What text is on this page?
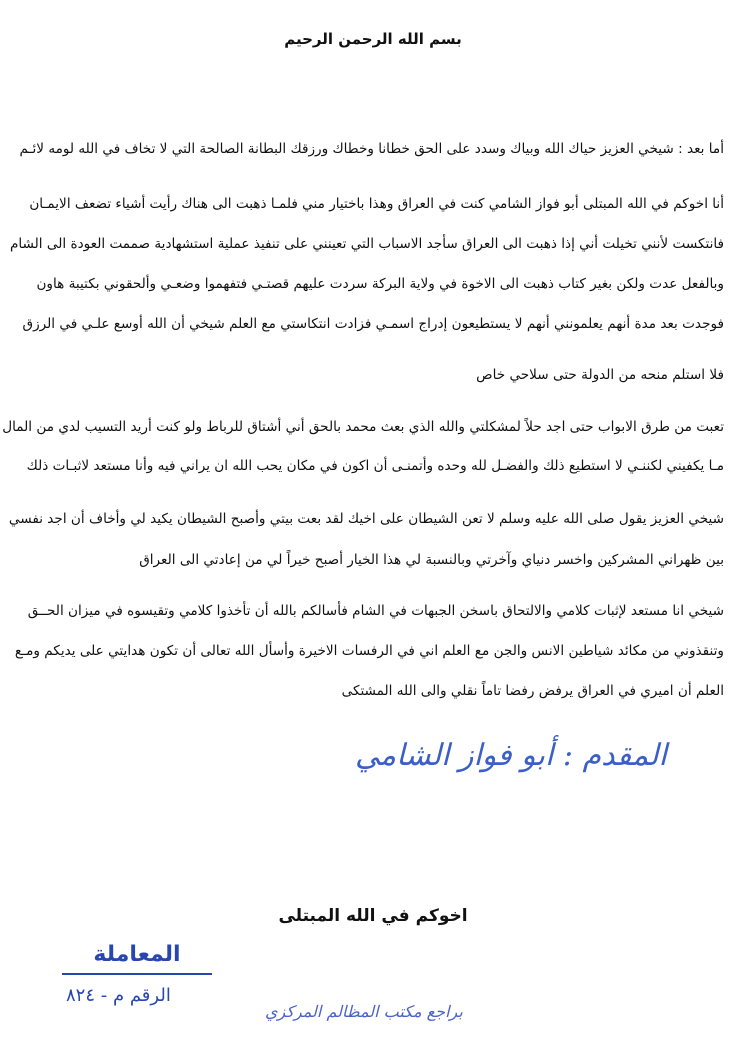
بسم الله الرحمن الرحيم
أما بعد : شيخي العزيز حياك الله وبياك وسدد على الحق خطانا وخطاك ورزقك البطانة الصالحة التي لا تخاف في الله لومه لائـم
أنا اخوكم في الله المبتلى أبو فواز الشامي كنت في العراق وهذا باختيار مني فلمـا ذهبت الى هناك رأيت أشياء تضعف الايمـان
فانتكست لأنني تخيلت أني إذا ذهبت الى العراق سأجد الاسباب التي تعينني على تنفيذ عملية استشهادية صممت العودة الى الشام
وبالفعل عدت ولكن بغير كتاب ذهبت الى الاخوة في ولاية البركة سردت عليهم قصتـي فتفهموا وضعـي وألحقوني بكتيبة هاون
فوجدت بعد مدة أنهم يعلمونني أنهم لا يستطيعون إدراج اسمـي فزادت انتكاستي مع العلم شيخي أن الله أوسع علـي في الرزق
فلا استلم منحه من الدولة حتى سلاحي خاص
تعبت من طرق الابواب حتى اجد حلاً لمشكلتي والله الذي بعث محمد بالحق أني أشتاق للرباط ولو كنت أريد التسيب لدي من المال
مـا يكفيني لكننـي لا استطيع ذلك والفضـل لله وحده وأتمنـى أن اكون في مكان يحب الله ان يراني فيه وأنا مستعد لاثبـات ذلك
شيخي العزيز يقول صلى الله عليه وسلم لا تعن الشيطان على اخيك لقد بعت بيتي وأصبح الشيطان يكيد لي وأخاف أن اجد نفسي
بين ظهراني المشركين واخسر دنياي وآخرتي وبالنسبة لي هذا الخيار أصبح خيراً لي من إعادتي الى العراق
شيخي انا مستعد لإثبات كلامي والالتحاق باسخن الجبهات في الشام فأسالكم بالله أن تأخذوا كلامي وتقيسوه في ميزان الحــق
وتنقذوني من مكائد شياطين الانس والجن مع العلم اني في الرفسات الاخيرة وأسأل الله تعالى أن تكون هدايتي على يديكم ومـع
العلم أن اميري في العراق يرفض رفضا تاماً نقلي والى الله المشتكى
المقدم : أبو فواز الشامي
اخوكم في الله المبتلى
المعاملة
الرقم م - ٨٢٤
براجع مكتب المظالم المركزي
